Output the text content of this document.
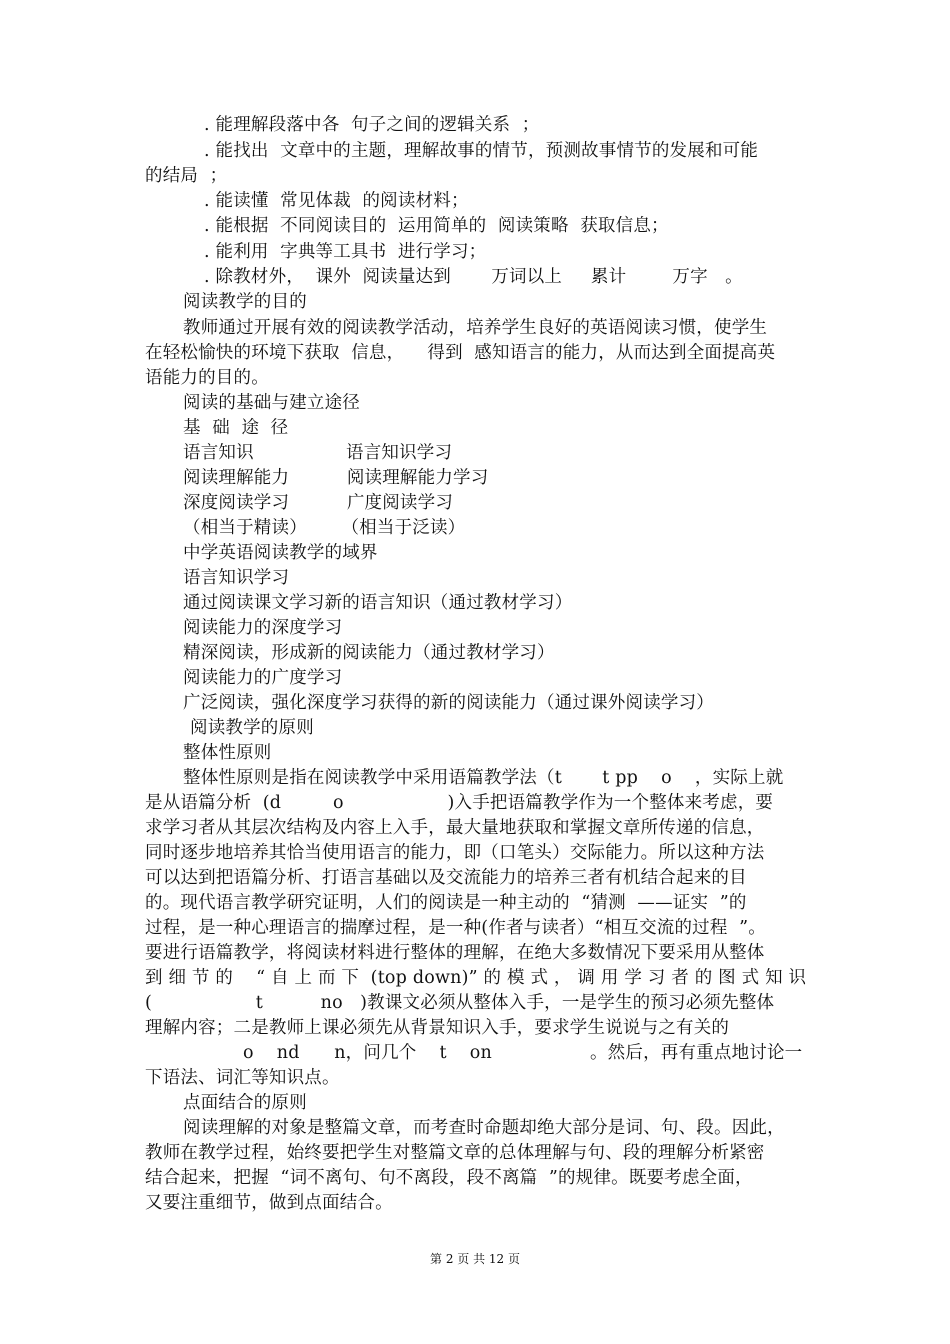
. 能理解段落中各  句子之间的逻辑关系  ；
. 能找出  文章中的主题，理解故事的情节，预测故事情节的发展和可能
的结局  ；
. 能读懂  常见体裁  的阅读材料；
. 能根据  不同阅读目的  运用简单的  阅读策略  获取信息；
. 能利用  字典等工具书  进行学习；
. 除教材外，  课外  阅读量达到       万词以上     累计        万字   。
阅读教学的目的
教师通过开展有效的阅读教学活动，培养学生良好的英语阅读习惯，使学生
在轻松愉快的环境下获取  信息，    得到  感知语言的能力，从而达到全面提高英
语能力的目的。
阅读的基础与建立途径
基  础  途  径
语言知识                语言知识学习
阅读理解能力          阅读理解能力学习
深度阅读学习          广度阅读学习
（相当于精读）      （相当于泛读）
中学英语阅读教学的域界
语言知识学习
通过阅读课文学习新的语言知识（通过教材学习）
阅读能力的深度学习
精深阅读，形成新的阅读能力（通过教材学习）
阅读能力的广度学习
广泛阅读，强化深度学习获得的新的阅读能力（通过课外阅读学习）
阅读教学的原则
整体性原则
整体性原则是指在阅读教学中采用语篇教学法（t       t pp    o    ，实际上就
是从语篇分析  (d         o                  )入手把语篇教学作为一个整体来考虑，要
求学习者从其层次结构及内容上入手，最大量地获取和掌握文章所传递的信息，
同时逐步地培养其恰当使用语言的能力，即（口笔头）交际能力。所以这种方法
可以达到把语篇分析、打语言基础以及交流能力的培养三者有机结合起来的目
的。现代语言教学研究证明，人们的阅读是一种主动的  “猜测  ——证实  ”的
过程，是一种心理语言的揣摩过程，是一种(作者与读者）“相互交流的过程  ”。
要进行语篇教学，将阅读材料进行整体的理解，在绝大多数情况下要采用从整体
到 细 节 的    “ 自 上 而 下  (top down)” 的 模 式 ， 调 用 学 习 者 的 图 式 知 识
(                  t          no   )教课文必须从整体入手，一是学生的预习必须先整体
理解内容；二是教师上课必须先从背景知识入手，要求学生说说与之有关的
o    nd      n，问几个    t    on                 。然后，再有重点地讨论一
下语法、词汇等知识点。
点面结合的原则
阅读理解的对象是整篇文章，而考查时命题却绝大部分是词、句、段。因此，
教师在教学过程，始终要把学生对整篇文章的总体理解与句、段的理解分析紧密
结合起来，把握  “词不离句、句不离段，段不离篇  ”的规律。既要考虑全面，
又要注重细节，做到点面结合。
第 2 页 共 12 页
